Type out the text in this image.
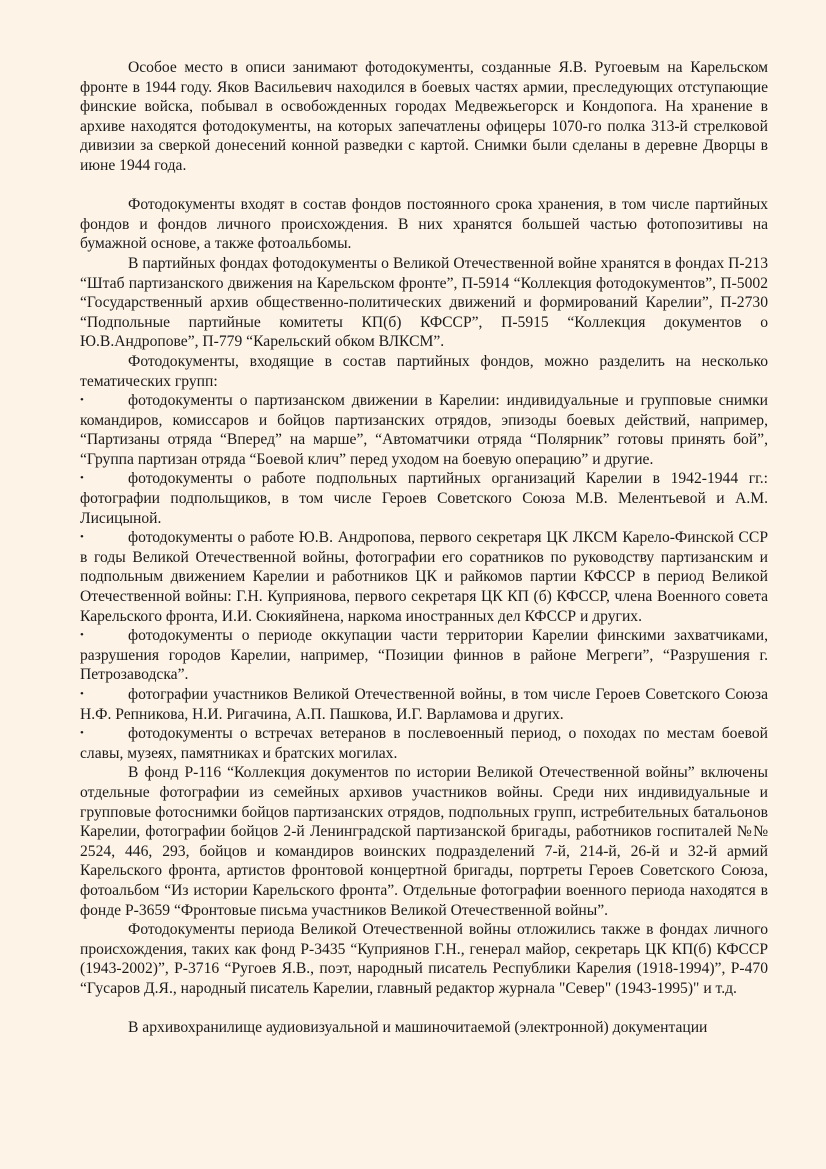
Особое место в описи занимают фотодокументы, созданные Я.В. Ругоевым на Карельском фронте в 1944 году. Яков Васильевич находился в боевых частях армии, преследующих отступающие финские войска, побывал в освобожденных городах Медвежьегорск и Кондопога. На хранение в архиве находятся фотодокументы, на которых запечатлены офицеры 1070-го полка 313-й стрелковой дивизии за сверкой донесений конной разведки с картой. Снимки были сделаны в деревне Дворцы в июне 1944 года.

Фотодокументы входят в состав фондов постоянного срока хранения, в том числе партийных фондов и фондов личного происхождения. В них хранятся большей частью фотопозитивы на бумажной основе, а также фотоальбомы.

В партийных фондах фотодокументы о Великой Отечественной войне хранятся в фондах П-213 “Штаб партизанского движения на Карельском фронте”, П-5914 “Коллекция фотодокументов”, П-5002 “Государственный архив общественно-политических движений и формирований Карелии”, П-2730 “Подпольные партийные комитеты КП(б) КФССР”, П-5915 “Коллекция документов о Ю.В.Андропове”, П-779 “Карельский обком ВЛКСМ”.

Фотодокументы, входящие в состав партийных фондов, можно разделить на несколько тематических групп:

•	фотодокументы о партизанском движении в Карелии: индивидуальные и групповые снимки командиров, комиссаров и бойцов партизанских отрядов, эпизоды боевых действий, например, “Партизаны отряда “Вперед” на марше”, “Автоматчики отряда “Полярник” готовы принять бой”, “Группа партизан отряда “Боевой клич” перед уходом на боевую операцию” и другие.

•	фотодокументы о работе подпольных партийных организаций Карелии в 1942-1944 гг.: фотографии подпольщиков, в том числе Героев Советского Союза М.В. Мелентьевой и А.М. Лисицыной.

•	фотодокументы о работе Ю.В. Андропова, первого секретаря ЦК ЛКСМ Карело-Финской ССР в годы Великой Отечественной войны, фотографии его соратников по руководству партизанским и подпольным движением Карелии и работников ЦК и райкомов партии КФССР в период Великой Отечественной войны: Г.Н. Куприянова, первого секретаря ЦК КП (б) КФССР, члена Военного совета Карельского фронта, И.И. Сюкияйнена, наркома иностранных дел КФССР и других.

•	фотодокументы о периоде оккупации части территории Карелии финскими захватчиками, разрушения городов Карелии, например, “Позиции финнов в районе Мегреги”, “Разрушения г. Петрозаводска”.

•	фотографии участников Великой Отечественной войны, в том числе Героев Советского Союза Н.Ф. Репникова, Н.И. Ригачина, А.П. Пашкова, И.Г. Варламова и других.

•	фотодокументы о встречах ветеранов в послевоенный период, о походах по местам боевой славы, музеях, памятниках и братских могилах.

В фонд Р-116 “Коллекция документов по истории Великой Отечественной войны” включены отдельные фотографии из семейных архивов участников войны. Среди них индивидуальные и групповые фотоснимки бойцов партизанских отрядов, подпольных групп, истребительных батальонов Карелии, фотографии бойцов 2-й Ленинградской партизанской бригады, работников госпиталей №№ 2524, 446, 293, бойцов и командиров воинских подразделений 7-й, 214-й, 26-й и 32-й армий Карельского фронта, артистов фронтовой концертной бригады, портреты Героев Советского Союза, фотоальбом “Из истории Карельского фронта”. Отдельные фотографии военного периода находятся в фонде Р-3659 “Фронтовые письма участников Великой Отечественной войны”.

Фотодокументы периода Великой Отечественной войны отложились также в фондах личного происхождения, таких как фонд Р-3435 “Куприянов Г.Н., генерал майор, секретарь ЦК КП(б) КФССР (1943-2002)”, Р-3716 “Ругоев Я.В., поэт, народный писатель Республики Карелия (1918-1994)”, Р-470 “Гусаров Д.Я., народный писатель Карелии, главный редактор журнала "Север" (1943-1995)" и т.д.

В архивохранилище аудиовизуальной и машиночитаемой (электронной) документации
